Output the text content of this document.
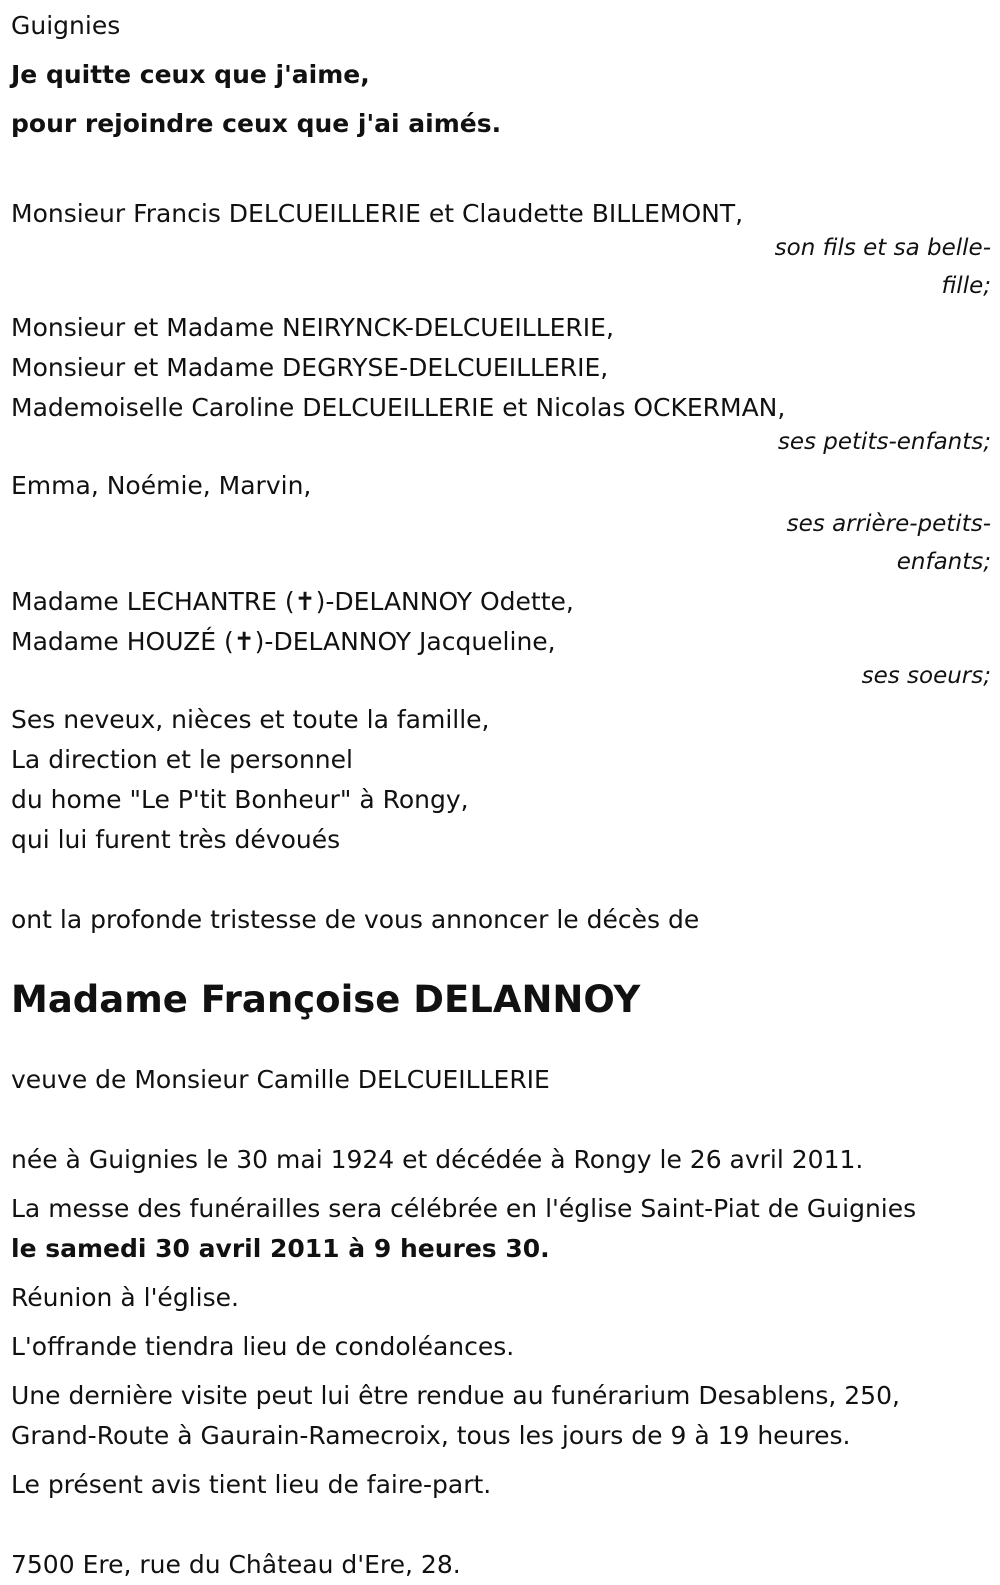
Guignies
Je quitte ceux que j'aime,
pour rejoindre ceux que j'ai aimés.
Monsieur Francis DELCUEILLERIE et Claudette BILLEMONT,
son fils et sa belle-
fille;
Monsieur et Madame NEIRYNCK-DELCUEILLERIE,
Monsieur et Madame DEGRYSE-DELCUEILLERIE,
Mademoiselle Caroline DELCUEILLERIE et Nicolas OCKERMAN,
ses petits-enfants;
Emma, Noémie, Marvin,
ses arrière-petits-
enfants;
Madame LECHANTRE (✝)-DELANNOY Odette,
Madame HOUZÉ (✝)-DELANNOY Jacqueline,
ses soeurs;
Ses neveux, nièces et toute la famille,
La direction et le personnel
du home "Le P'tit Bonheur" à Rongy,
qui lui furent très dévoués
ont la profonde tristesse de vous annoncer le décès de
Madame Françoise DELANNOY
veuve de Monsieur Camille DELCUEILLERIE
née à Guignies le 30 mai 1924 et décédée à Rongy le 26 avril 2011.
La messe des funérailles sera célébrée en l'église Saint-Piat de Guignies
le samedi 30 avril 2011 à 9 heures 30.
Réunion à l'église.
L'offrande tiendra lieu de condoléances.
Une dernière visite peut lui être rendue au funérarium Desablens, 250,
Grand-Route à Gaurain-Ramecroix, tous les jours de 9 à 19 heures.
Le présent avis tient lieu de faire-part.
7500 Ere, rue du Château d'Ere, 28.
